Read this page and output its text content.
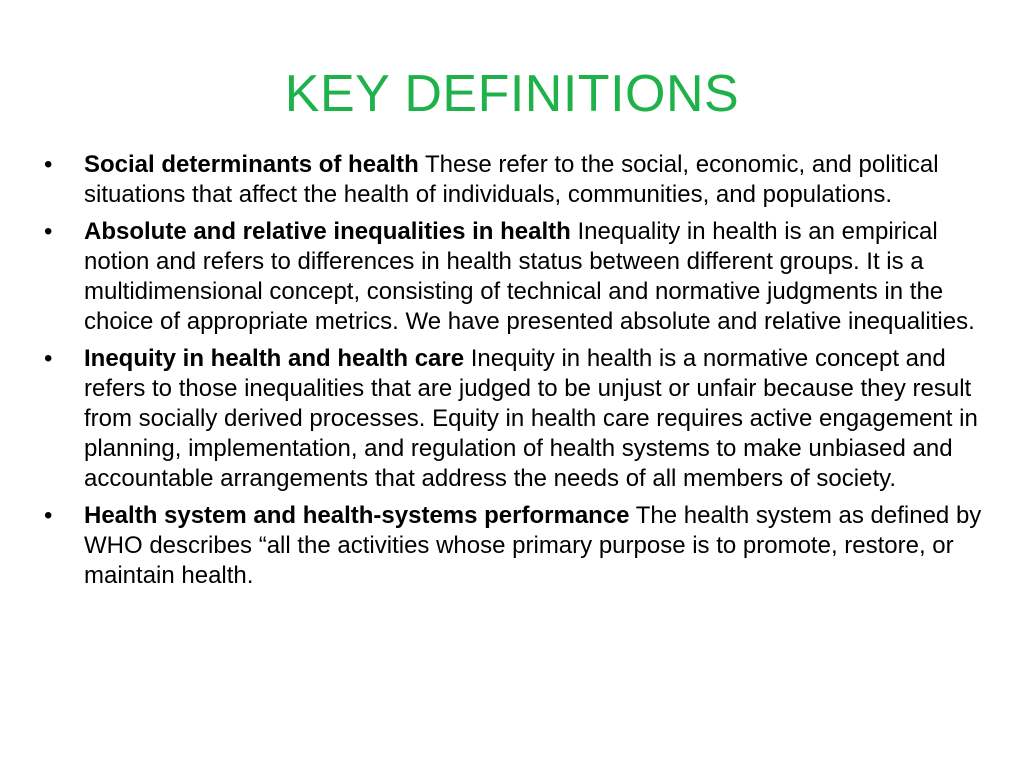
KEY DEFINITIONS
•	Social determinants of health These refer to the social, economic, and political situations that affect the health of individuals, communities, and populations.
•	Absolute and relative inequalities in health Inequality in health is an empirical notion and refers to differences in health status between different groups. It is a multidimensional concept, consisting of technical and normative judgments in the choice of appropriate metrics. We have presented absolute and relative inequalities.
•	Inequity in health and health care Inequity in health is a normative concept and refers to those inequalities that are judged to be unjust or unfair because they result from socially derived processes. Equity in health care requires active engagement in planning, implementation, and regulation of health systems to make unbiased and accountable arrangements that address the needs of all members of society.
•	Health system and health-systems performance The health system as defined by WHO describes “all the activities whose primary purpose is to promote, restore, or maintain health.
